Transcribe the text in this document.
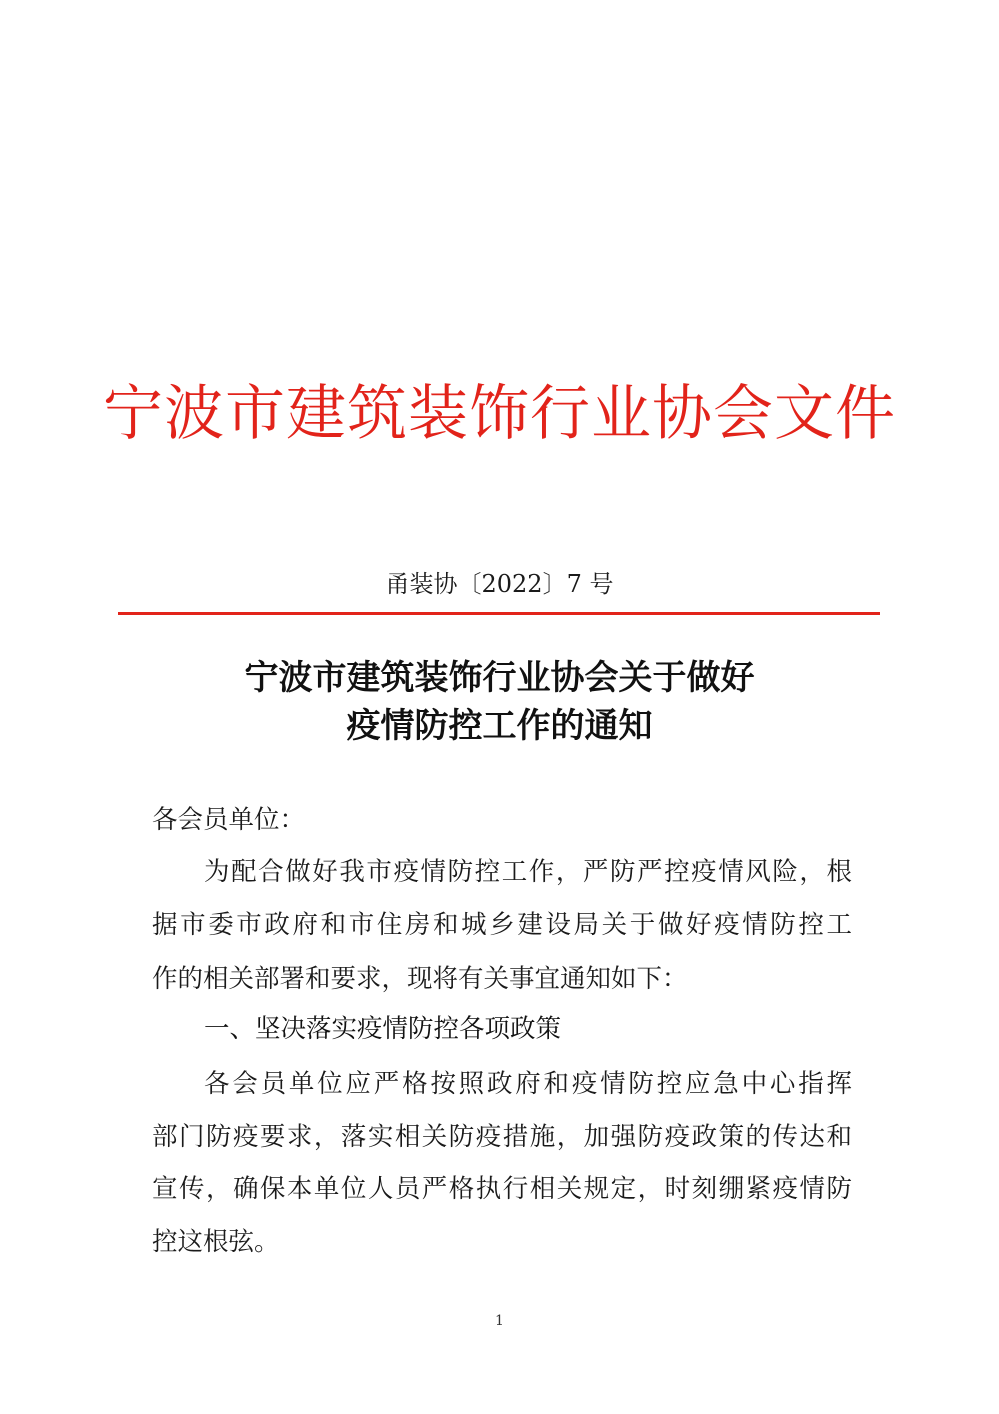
宁波市建筑装饰行业协会文件
甬装协〔2022〕7 号
宁波市建筑装饰行业协会关于做好
疫情防控工作的通知
各会员单位：
为配合做好我市疫情防控工作，严防严控疫情风险，根
据市委市政府和市住房和城乡建设局关于做好疫情防控工
作的相关部署和要求，现将有关事宜通知如下：
一、坚决落实疫情防控各项政策
各会员单位应严格按照政府和疫情防控应急中心指挥
部门防疫要求，落实相关防疫措施，加强防疫政策的传达和
宣传，确保本单位人员严格执行相关规定，时刻绷紧疫情防
控这根弦。
1
